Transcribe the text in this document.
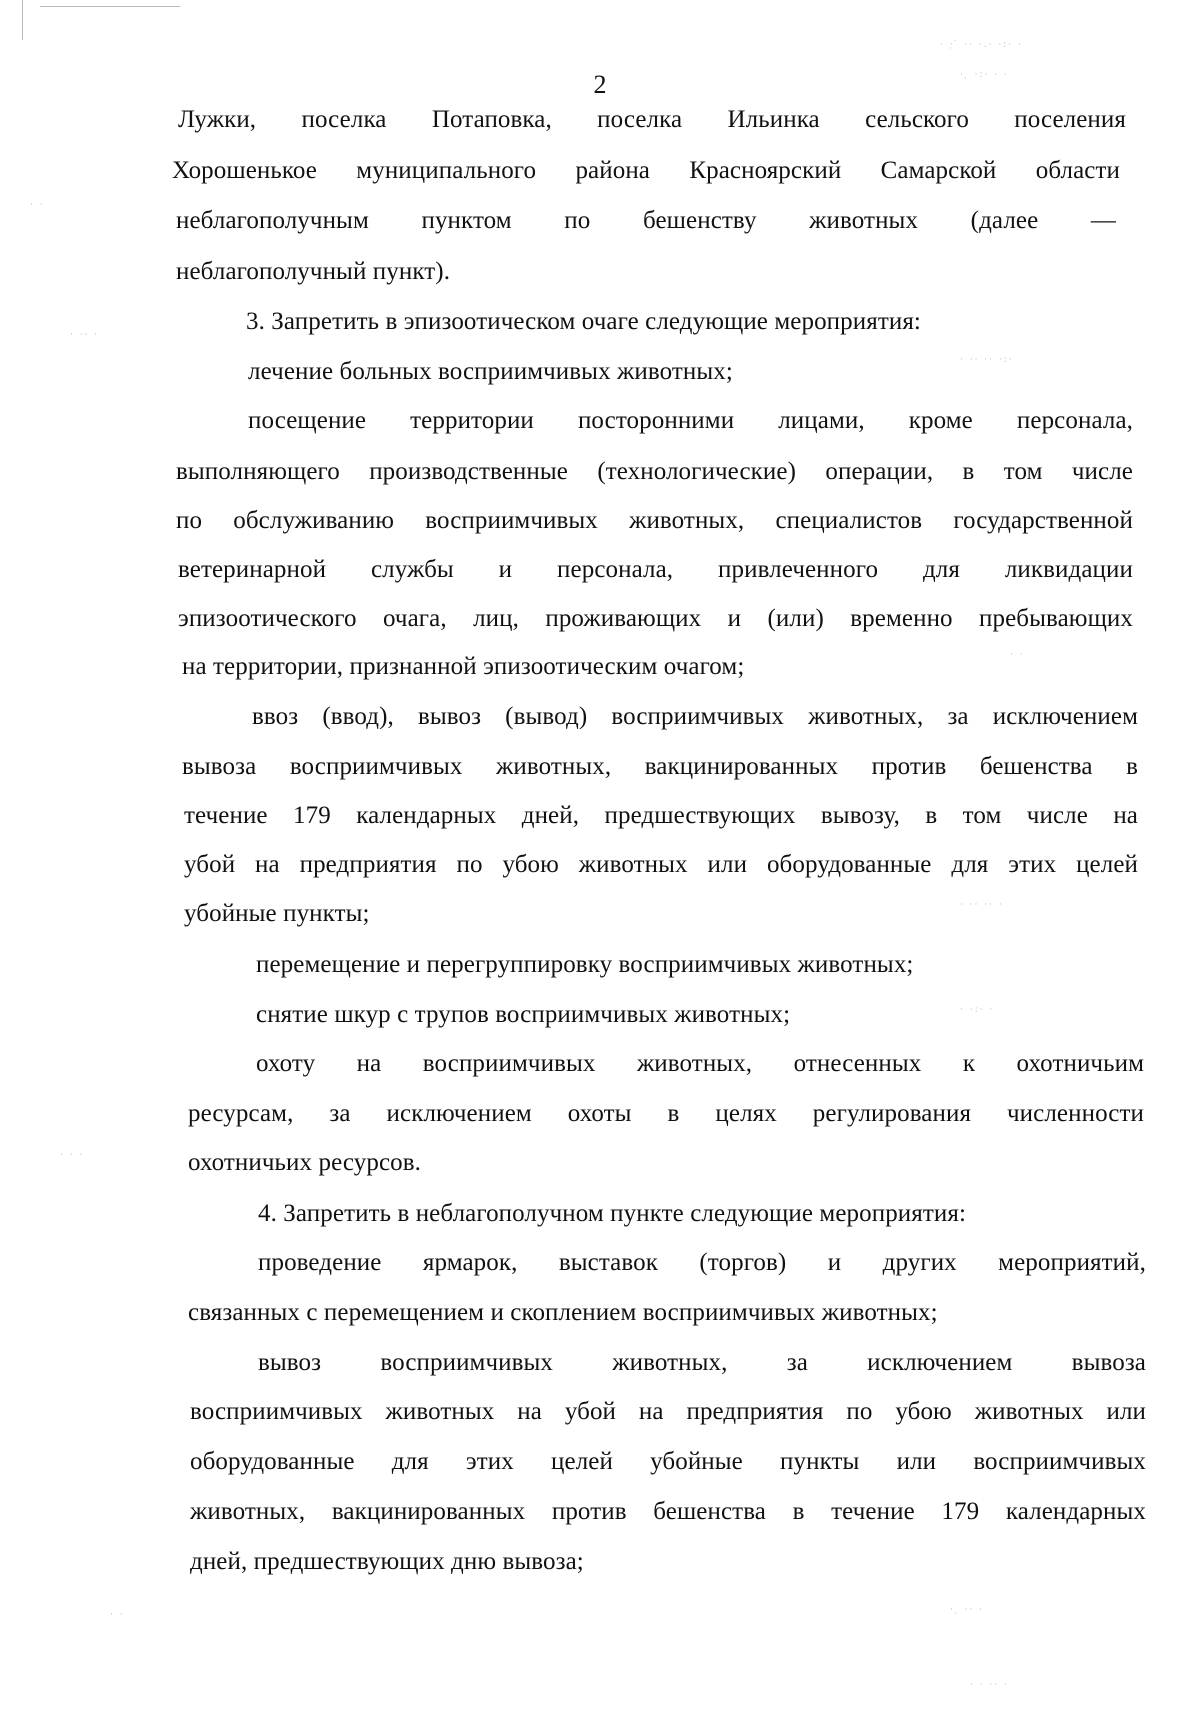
· ·̣ ̇ ·· ·.· ·:· ·
· ̣ ·:· · ·
· ·
· ·· ·
· ·· ·· ·:·
· ·
· ·· ·· ·
· ·:· ·
· · ·
· ̣ ·· ·
· ·
· · ·· ·
2
Лужки, поселка Потаповка, поселка Ильинка сельского поселения
Хорошенькое муниципального района Красноярский Самарской области
неблагополучным пунктом по бешенству животных (далее —
неблагополучный пункт).
3. Запретить в эпизоотическом очаге следующие мероприятия:
лечение больных восприимчивых животных;
посещение территории посторонними лицами, кроме персонала,
выполняющего производственные (технологические) операции, в том числе
по обслуживанию восприимчивых животных, специалистов государственной
ветеринарной службы и персонала, привлеченного для ликвидации
эпизоотического очага, лиц, проживающих и (или) временно пребывающих
на территории, признанной эпизоотическим очагом;
ввоз (ввод), вывоз (вывод) восприимчивых животных, за исключением
вывоза восприимчивых животных, вакцинированных против бешенства в
течение 179 календарных дней, предшествующих вывозу, в том числе на
убой на предприятия по убою животных или оборудованные для этих целей
убойные пункты;
перемещение и перегруппировку восприимчивых животных;
снятие шкур с трупов восприимчивых животных;
охоту на восприимчивых животных, отнесенных к охотничьим
ресурсам, за исключением охоты в целях регулирования численности
охотничьих ресурсов.
4. Запретить в неблагополучном пункте следующие мероприятия:
проведение ярмарок, выставок (торгов) и других мероприятий,
связанных с перемещением и скоплением восприимчивых животных;
вывоз восприимчивых животных, за исключением вывоза
восприимчивых животных на убой на предприятия по убою животных или
оборудованные для этих целей убойные пункты или восприимчивых
животных, вакцинированных против бешенства в течение 179 календарных
дней, предшествующих дню вывоза;
